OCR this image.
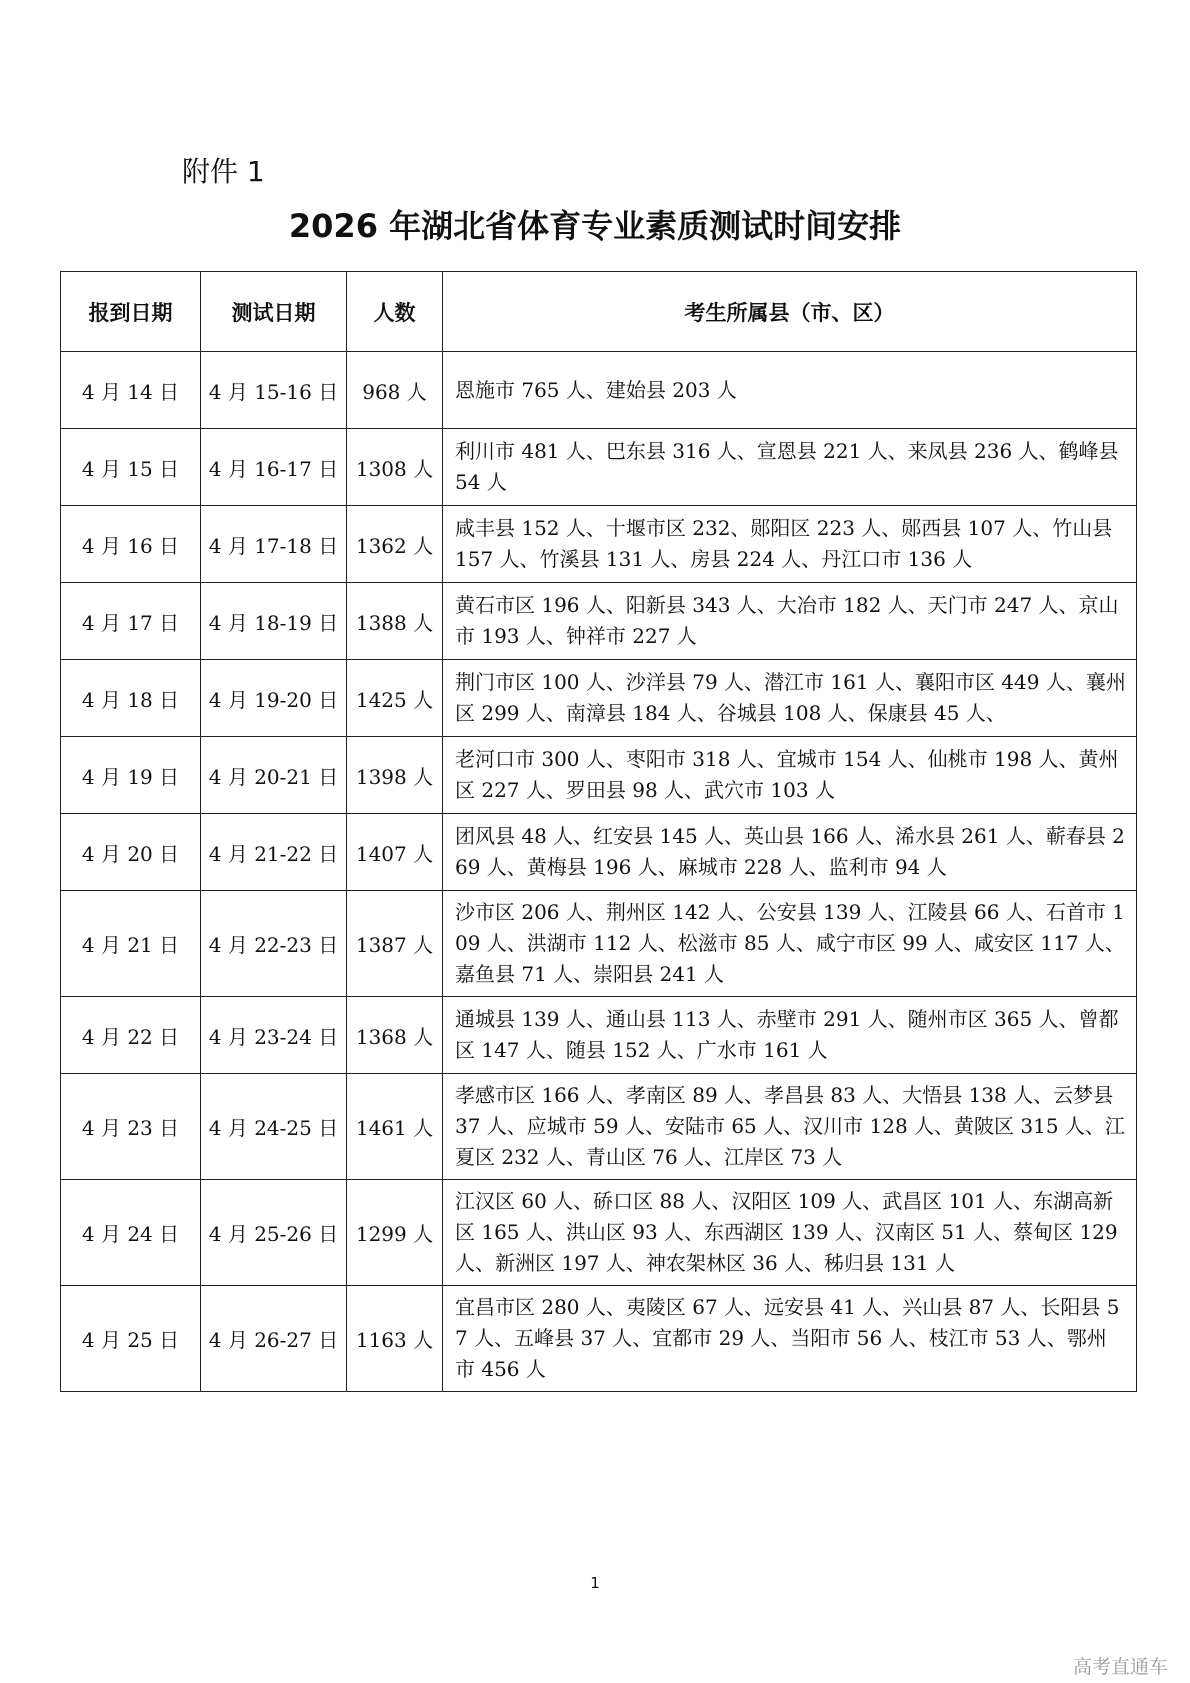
附件 1
2026 年湖北省体育专业素质测试时间安排
报到日期	测试日期	人数	考生所属县（市、区）
4 月 14 日	4 月 15-16 日	968 人	恩施市 765 人、建始县 203 人
4 月 15 日	4 月 16-17 日	1308 人	利川市 481 人、巴东县 316 人、宣恩县 221 人、来凤县 236 人、鹤峰县 54 人
4 月 16 日	4 月 17-18 日	1362 人	咸丰县 152 人、十堰市区 232、郧阳区 223 人、郧西县 107 人、竹山县 157 人、竹溪县 131 人、房县 224 人、丹江口市 136 人
4 月 17 日	4 月 18-19 日	1388 人	黄石市区 196 人、阳新县 343 人、大冶市 182 人、天门市 247 人、京山市 193 人、钟祥市 227 人
4 月 18 日	4 月 19-20 日	1425 人	荆门市区 100 人、沙洋县 79 人、潜江市 161 人、襄阳市区 449 人、襄州区 299 人、南漳县 184 人、谷城县 108 人、保康县 45 人、
4 月 19 日	4 月 20-21 日	1398 人	老河口市 300 人、枣阳市 318 人、宜城市 154 人、仙桃市 198 人、黄州区 227 人、罗田县 98 人、武穴市 103 人
4 月 20 日	4 月 21-22 日	1407 人	团风县 48 人、红安县 145 人、英山县 166 人、浠水县 261 人、蕲春县 269 人、黄梅县 196 人、麻城市 228 人、监利市 94 人
4 月 21 日	4 月 22-23 日	1387 人	沙市区 206 人、荆州区 142 人、公安县 139 人、江陵县 66 人、石首市 109 人、洪湖市 112 人、松滋市 85 人、咸宁市区 99 人、咸安区 117 人、嘉鱼县 71 人、崇阳县 241 人
4 月 22 日	4 月 23-24 日	1368 人	通城县 139 人、通山县 113 人、赤壁市 291 人、随州市区 365 人、曾都区 147 人、随县 152 人、广水市 161 人
4 月 23 日	4 月 24-25 日	1461 人	孝感市区 166 人、孝南区 89 人、孝昌县 83 人、大悟县 138 人、云梦县 37 人、应城市 59 人、安陆市 65 人、汉川市 128 人、黄陂区 315 人、江夏区 232 人、青山区 76 人、江岸区 73 人
4 月 24 日	4 月 25-26 日	1299 人	江汉区 60 人、硚口区 88 人、汉阳区 109 人、武昌区 101 人、东湖高新区 165 人、洪山区 93 人、东西湖区 139 人、汉南区 51 人、蔡甸区 129 人、新洲区 197 人、神农架林区 36 人、秭归县 131 人
4 月 25 日	4 月 26-27 日	1163 人	宜昌市区 280 人、夷陵区 67 人、远安县 41 人、兴山县 87 人、长阳县 57 人、五峰县 37 人、宜都市 29 人、当阳市 56 人、枝江市 53 人、鄂州市 456 人
1
高考直通车
